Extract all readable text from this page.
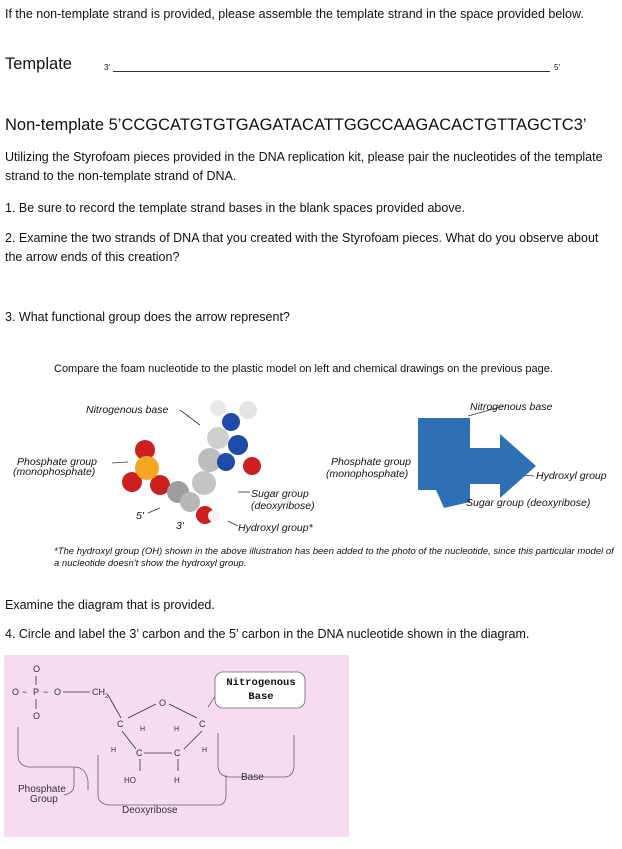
If the non-template strand is provided, please assemble the template strand in the space provided below.
Template	3'	5'
Non-template 5’CCGCATGTGTGAGATACATTGGCCAAGACACTGTTAGCTC3’
Utilizing the Styrofoam pieces provided in the DNA replication kit, please pair the nucleotides of the template strand to the non-template strand of DNA.
1. Be sure to record the template strand bases in the blank spaces provided above.
2. Examine the two strands of DNA that you created with the Styrofoam pieces. What do you observe about the arrow ends of this creation?
3. What functional group does the arrow represent?
Compare the foam nucleotide to the plastic model on left and chemical drawings on the previous page.
Nitrogenous base
Phosphate group
(monophosphate)
5'
3'
Sugar group
(deoxyribose)
Hydroxyl group*
Phosphate group
(monophosphate)
Nitrogenous base
Hydroxyl group
Sugar group (deoxyribose)
*The hydroxyl group (OH) shown in the above illustration has been added to the photo of the nucleotide, since this particular model of a nucleotide doesn't show the hydroxyl group.
Examine the diagram that is provided.
4. Circle and label the 3’ carbon and the 5’ carbon in the DNA nucleotide shown in the diagram.
O
O − P − O	CH 2
O
O
C	C
H	H
H	H
C	C
HO	H
Nitrogenous
Base
Phosphate
Group
Deoxyribose
Base
